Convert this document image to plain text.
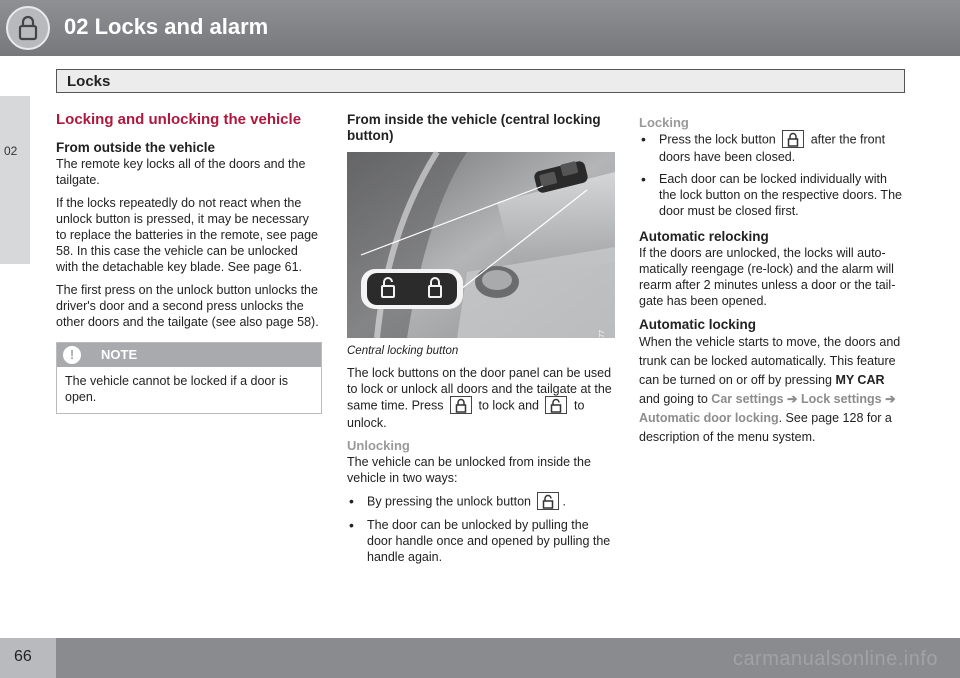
02 Locks and alarm
02
Locks
Locking and unlocking the vehicle
From outside the vehicle

The remote key locks all of the doors and the tailgate.

If the locks repeatedly do not react when the unlock button is pressed, it may be necessary to replace the batteries in the remote, see page 58. In this case the vehicle can be unlocked with the detachable key blade. See page 61.

The first press on the unlock button unlocks the driver's door and a second press unlocks the other doors and the tailgate (see also page 58).

!	NOTE
The vehicle cannot be locked if a door is open.
From inside the vehicle (central locking button)
G031377
Central locking button

The lock buttons on the door panel can be used to lock or unlock all doors and the tailgate at the same time. Press	to lock and	to unlock.

Unlocking

The vehicle can be unlocked from inside the vehicle in two ways:

•	By pressing the unlock button	.
•	The door can be unlocked by pulling the door handle once and opened by pulling the handle again.
Locking
•	Press the lock button	after the front doors have been closed.
•	Each door can be locked individually with the lock button on the respective doors. The door must be closed first.
Automatic relocking

If the doors are unlocked, the locks will auto-matically reengage (re-lock) and the alarm will rearm after 2 minutes unless a door or the tail-gate has been opened.

Automatic locking

When the vehicle starts to move, the doors and trunk can be locked automatically. This feature can be turned on or off by pressing MY CAR and going to Car settings ➔ Lock settings ➔ Automatic door locking. See page 128 for a description of the menu system.

66	carmanualsonline.info
